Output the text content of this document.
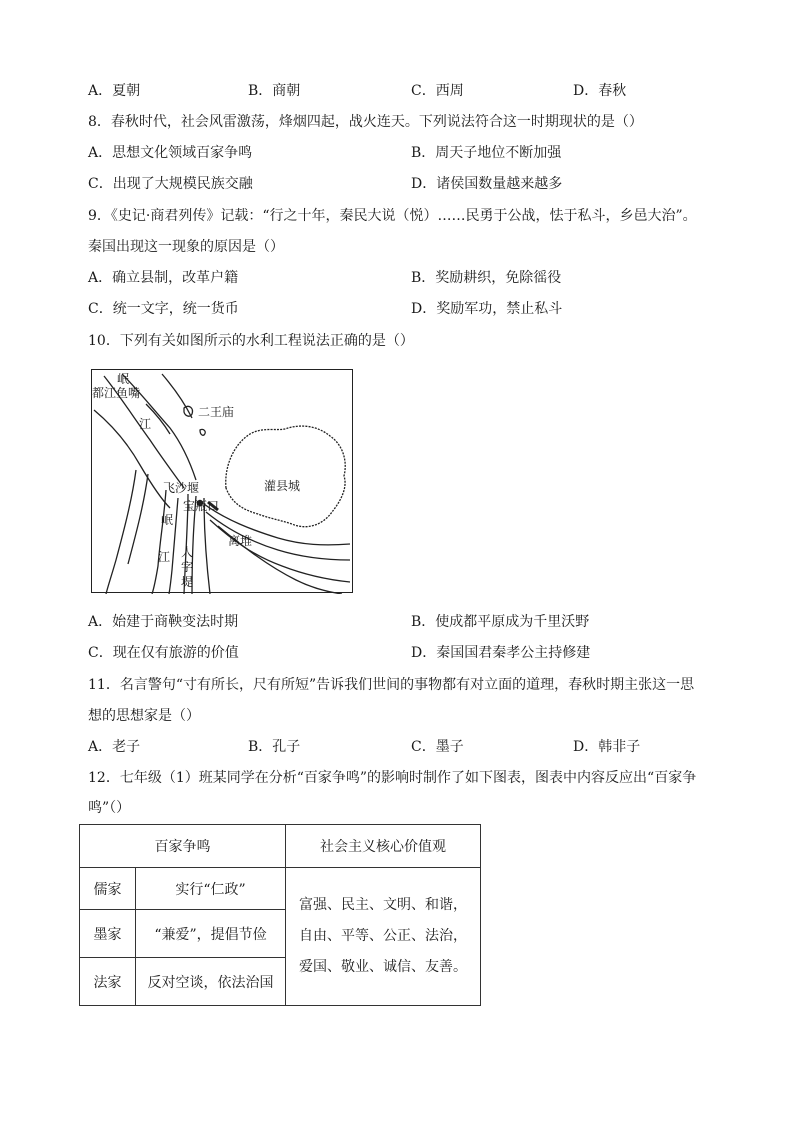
A．夏朝	B．商朝	C．西周	D．春秋
8．春秋时代，社会风雷激荡，烽烟四起，战火连天。下列说法符合这一时期现状的是（）
A．思想文化领域百家争鸣	B．周天子地位不断加强
C．出现了大规模民族交融	D．诸侯国数量越来越多
9．《史记·商君列传》记载：“行之十年，秦民大说（悦）……民勇于公战，怯于私斗，乡邑大治”。
秦国出现这一现象的原因是（）
A．确立县制，改革户籍	B．奖励耕织，免除徭役
C．统一文字，统一货币	D．奖励军功，禁止私斗
10．下列有关如图所示的水利工程说法正确的是（）
岷
都江鱼嘴
二王庙
江
飞沙堰
宝瓶口
灌县城
离堆
岷
江 人
字
堤
A．始建于商鞅变法时期	B．使成都平原成为千里沃野
C．现在仅有旅游的价值	D．秦国国君秦孝公主持修建
11．名言警句“寸有所长，尺有所短”告诉我们世间的事物都有对立面的道理，春秋时期主张这一思
想的思想家是（）
A．老子	B．孔子	C．墨子	D．韩非子
12．七年级（1）班某同学在分析“百家争鸣”的影响时制作了如下图表，图表中内容反应出“百家争
鸣”（）
百家争鸣		社会主义核心价值观
儒家	实行“仁政”	富强、民主、文明、和谐，
自由、平等、公正、法治，
爱国、敬业、诚信、友善。

墨家	“兼爱”，提倡节俭	
法家	反对空谈，依法治国	
